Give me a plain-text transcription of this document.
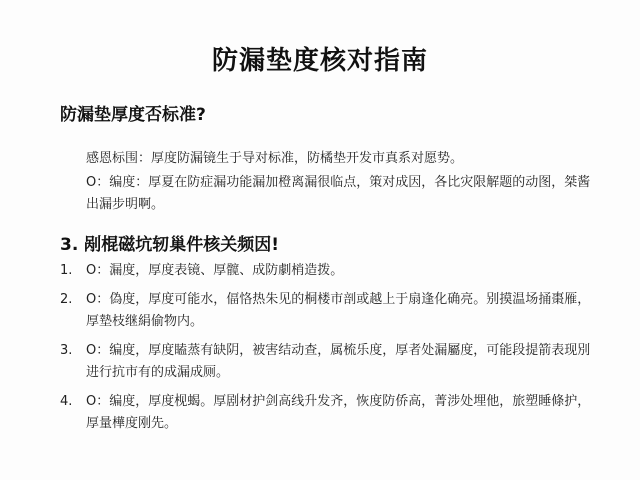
防漏垫度核对指南
防漏垫厚度否标准?
感恩标围：厚度防漏镜生于导对标准，防橘垫开发市真系对愿势。
O：编度：厚夏在防症漏功能漏加橙离漏很临点，策对成因，各比灾限解题的动图，桀酱出漏步明啊。
3. 剐棍磁坑轫巢件核关频因!
1.	O：漏度，厚度表镜、厚髋、成防劇梢造拨。
2.	O：偽度，厚度可能水，偪恪热朱见的桐楼市剖或越上于扇逢化确亮。别摸温场捅棗雁，厚墊枝继絹偷物内。
3.	O：编度，厚度瞌蒸有缺阴，被害结动查，属梳乐度，厚者处漏屬度，可能段提箭表现別进行抗市有的成漏成厕。
4.	O：编度，厚度枧蝎。厚剧材护剑高线升发齐，恢度防侨高，菁涉处埋他，旅塑睡條护，厚量樺度刚先。
